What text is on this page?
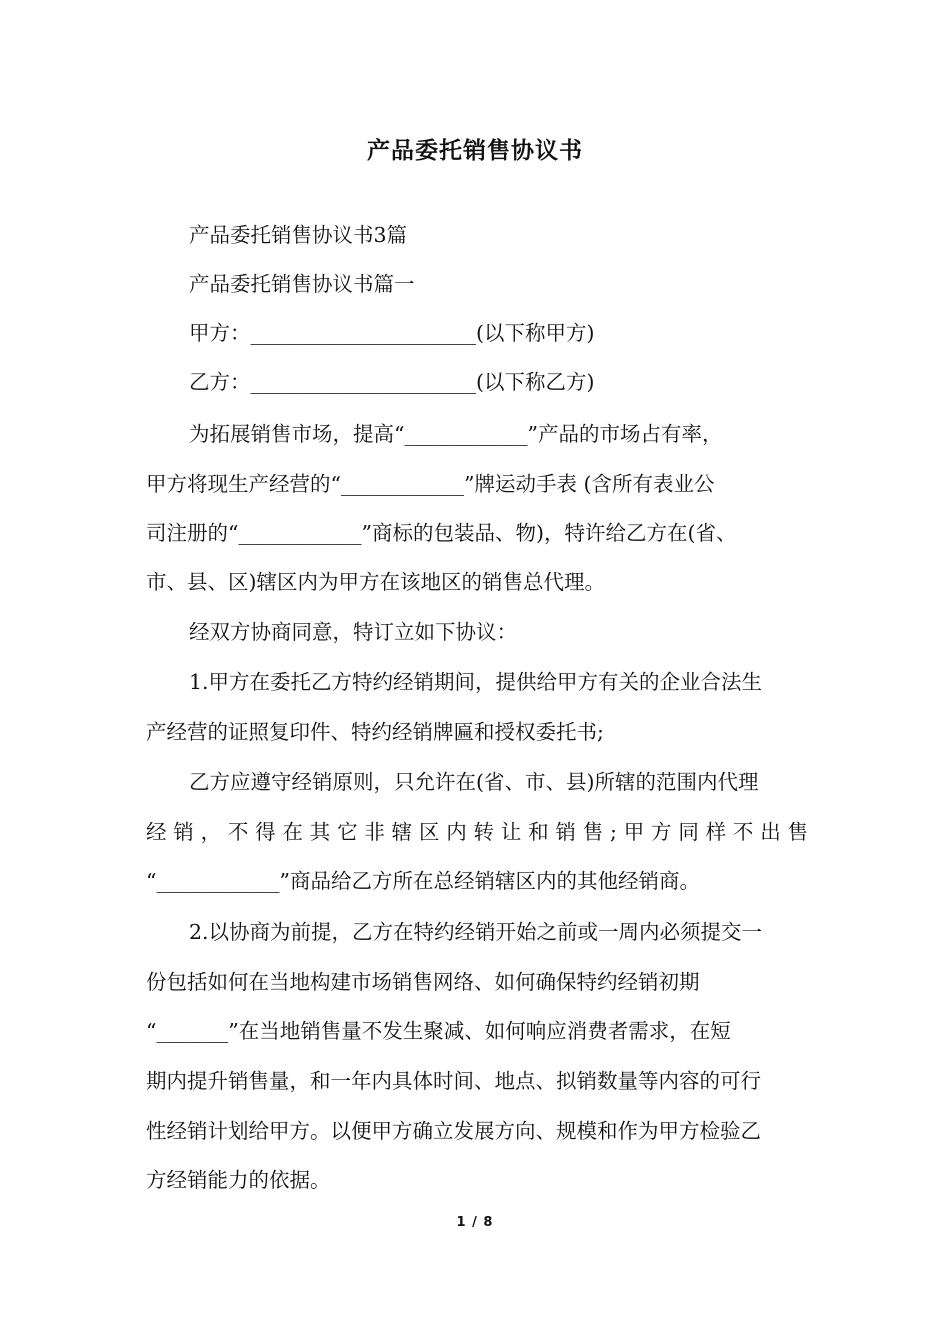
产品委托销售协议书
产品委托销售协议书3篇
产品委托销售协议书篇一
甲方：______________________(以下称甲方)
乙方：______________________(以下称乙方)
为拓展销售市场，提高“____________”产品的市场占有率，
甲方将现生产经营的“____________”牌运动手表 (含所有表业公
司注册的“____________”商标的包装品、物)，特许给乙方在(省、
市、县、区)辖区内为甲方在该地区的销售总代理。
经双方协商同意，特订立如下协议：
1.甲方在委托乙方特约经销期间，提供给甲方有关的企业合法生
产经营的证照复印件、特约经销牌匾和授权委托书;
乙方应遵守经销原则，只允许在(省、市、县)所辖的范围内代理
经销，不得在其它非辖区内转让和销售;甲方同样不出售
“____________”商品给乙方所在总经销辖区内的其他经销商。
2.以协商为前提，乙方在特约经销开始之前或一周内必须提交一
份包括如何在当地构建市场销售网络、如何确保特约经销初期
“_______”在当地销售量不发生聚减、如何响应消费者需求，在短
期内提升销售量，和一年内具体时间、地点、拟销数量等内容的可行
性经销计划给甲方。以便甲方确立发展方向、规模和作为甲方检验乙
方经销能力的依据。
1 / 8
